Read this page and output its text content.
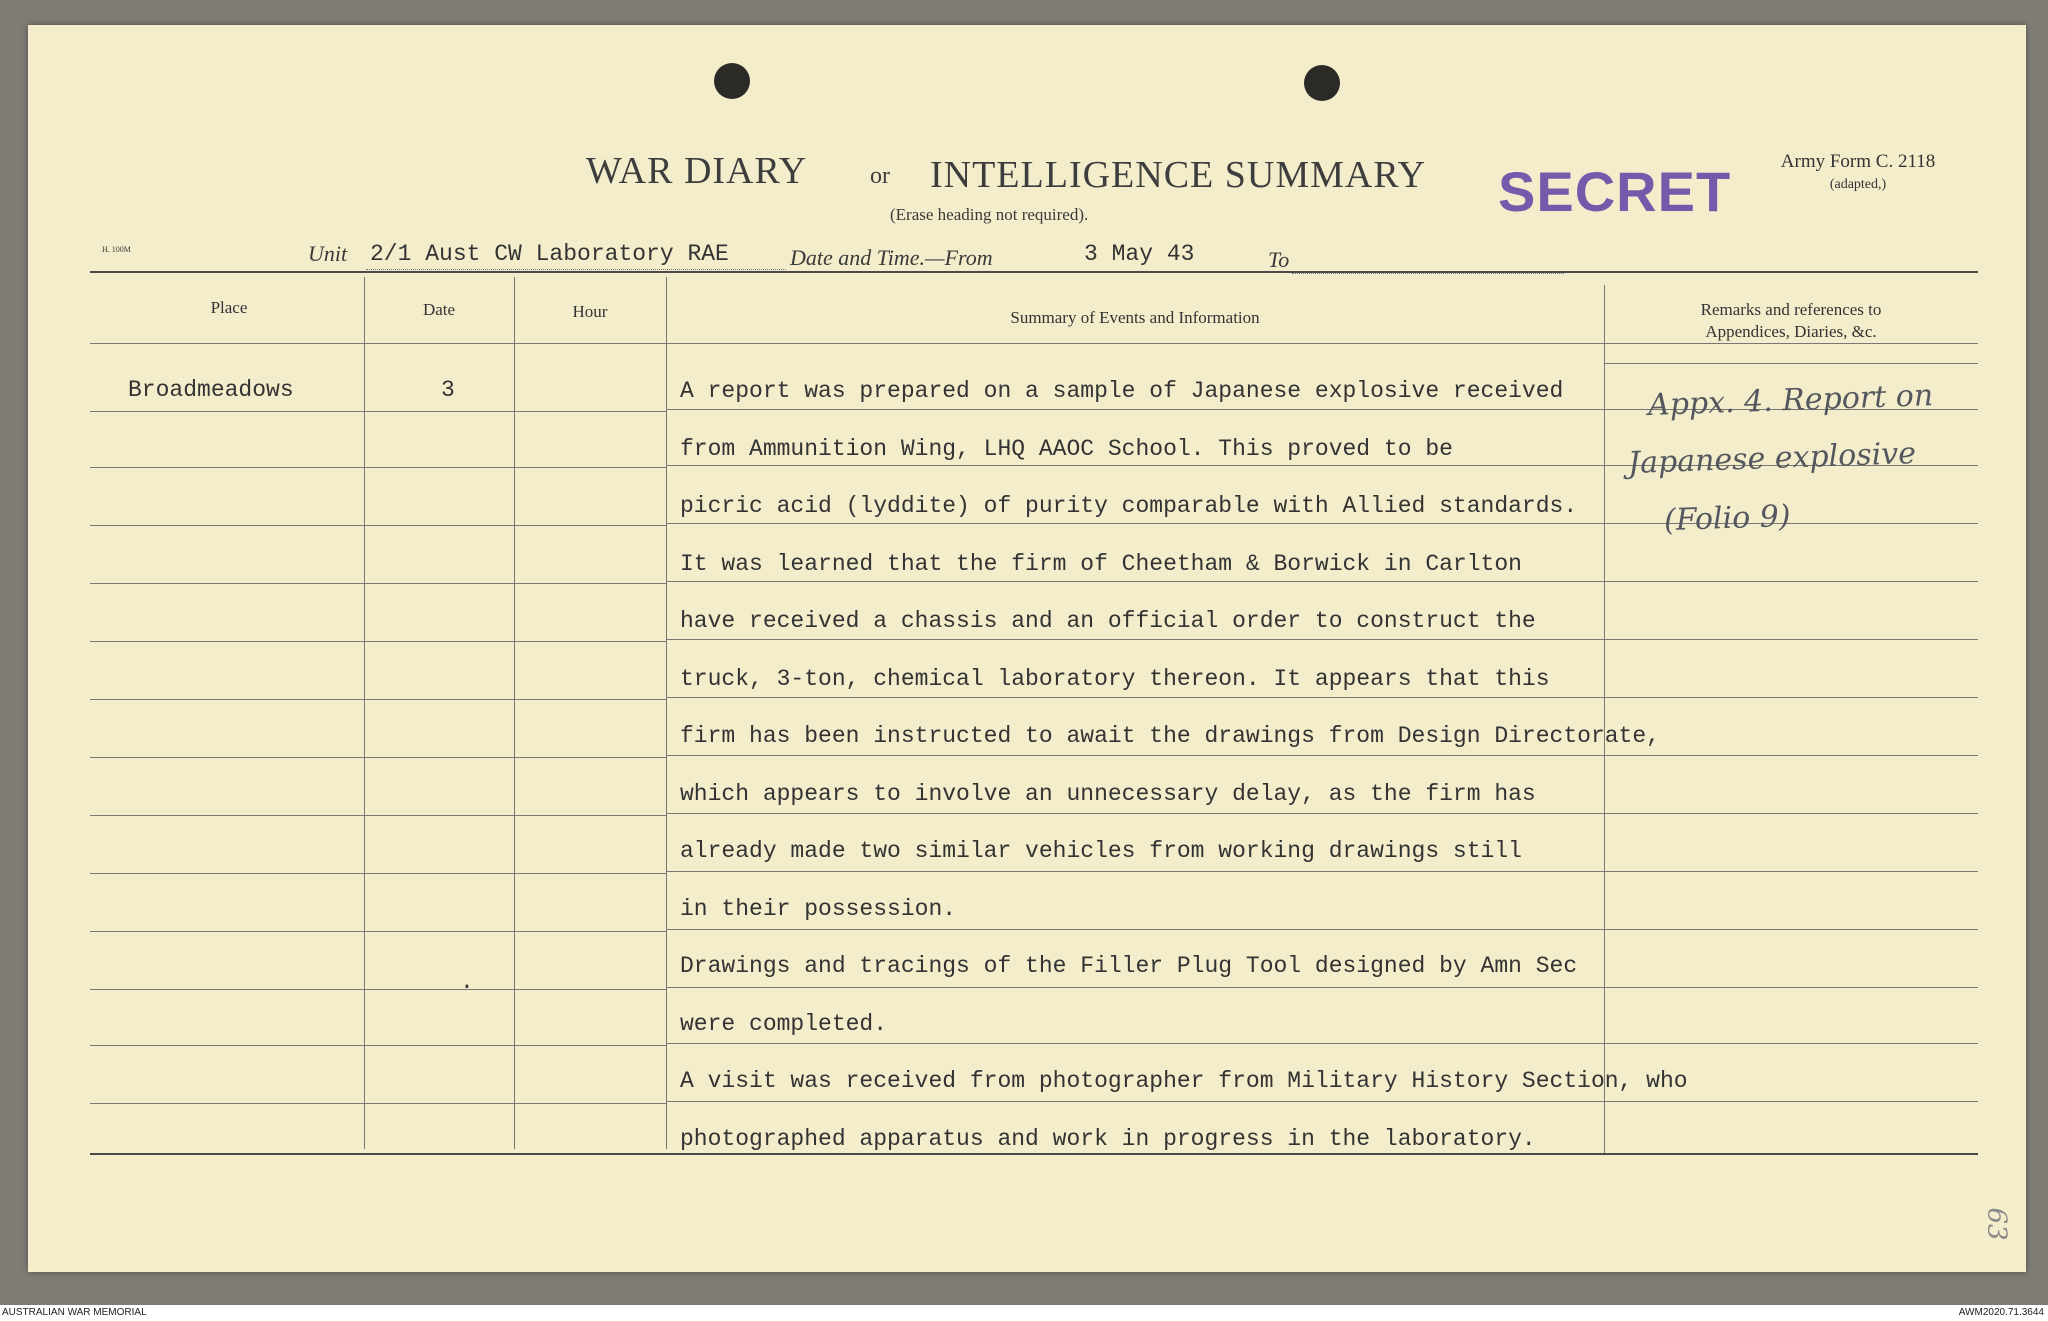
WAR DIARY	or INTELLIGENCE SUMMARY
(Erase heading not required).	SECRET	Army Form C. 2118
(adapted,)
H. 100M	Unit 2/1 Aust CW Laboratory RAE	Date and Time.—From	3 May 43	To
Place	Date	Hour	Summary of Events and Information	Remarks and references to
Appendices, Diaries, &c.
Broadmeadows	3
.
A report was prepared on a sample of Japanese explosive received
from Ammunition Wing, LHQ AAOC School. This proved to be
picric acid (lyddite) of purity comparable with Allied standards.
It was learned that the firm of Cheetham & Borwick in Carlton
have received a chassis and an official order to construct the
truck, 3-ton, chemical laboratory thereon. It appears that this
firm has been instructed to await the drawings from Design Directorate,
which appears to involve an unnecessary delay, as the firm has
already made two similar vehicles from working drawings still
in their possession.
Drawings and tracings of the Filler Plug Tool designed by Amn Sec
were completed.
A visit was received from photographer from Military History Section, who
photographed apparatus and work in progress in the laboratory.
Appx. 4. Report on
Japanese explosive
(Folio 9)
63
AUSTRALIAN WAR MEMORIAL	AWM2020.71.3644
